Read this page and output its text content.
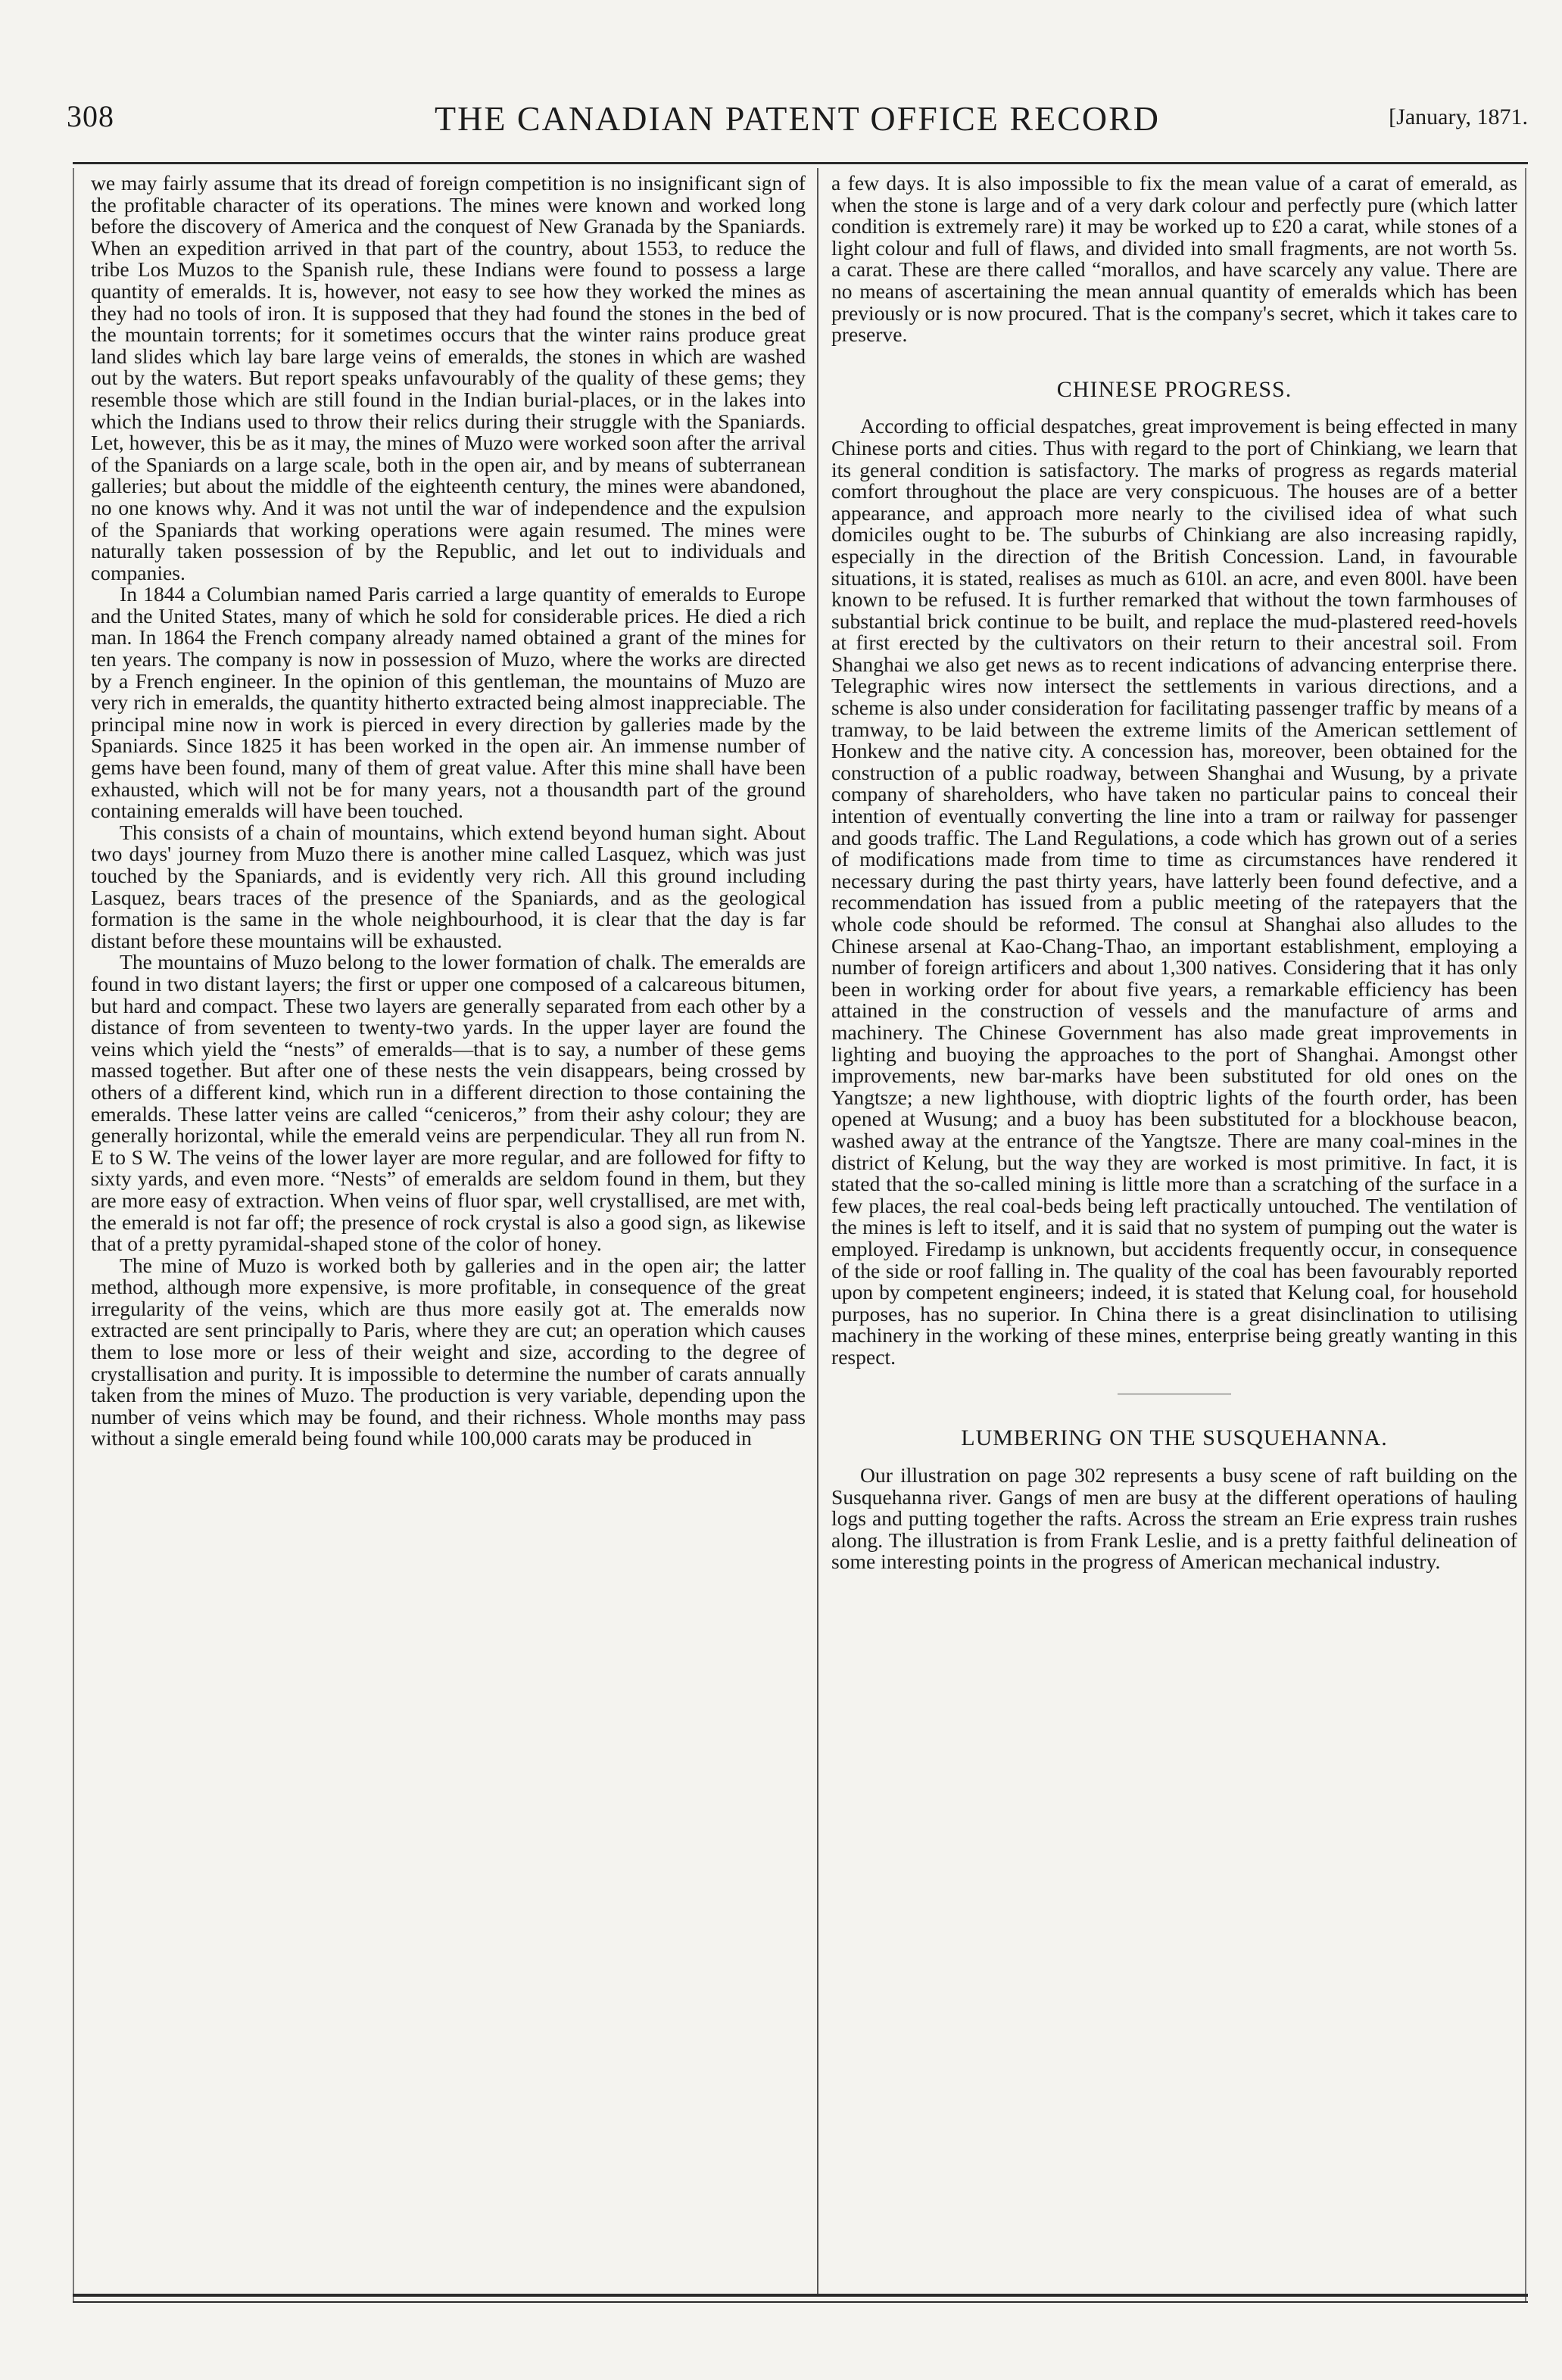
308	THE CANADIAN PATENT OFFICE RECORD	[January, 1871.

we may fairly assume that its dread of foreign competition is no insignificant sign of the profitable character of its operations. The mines were known and worked long before the discovery of America and the conquest of New Granada by the Spaniards. When an expedition arrived in that part of the country, about 1553, to reduce the tribe Los Muzos to the Spanish rule, these Indians were found to possess a large quantity of emeralds. It is, however, not easy to see how they worked the mines as they had no tools of iron. It is supposed that they had found the stones in the bed of the mountain torrents; for it sometimes occurs that the winter rains produce great land slides which lay bare large veins of emeralds, the stones in which are washed out by the waters. But report speaks unfavourably of the quality of these gems; they resemble those which are still found in the Indian burial-places, or in the lakes into which the Indians used to throw their relics during their struggle with the Spaniards. Let, however, this be as it may, the mines of Muzo were worked soon after the arrival of the Spaniards on a large scale, both in the open air, and by means of subterranean galleries; but about the middle of the eighteenth century, the mines were abandoned, no one knows why. And it was not until the war of independence and the expulsion of the Spaniards that working operations were again resumed. The mines were naturally taken possession of by the Republic, and let out to individuals and companies.

In 1844 a Columbian named Paris carried a large quantity of emeralds to Europe and the United States, many of which he sold for considerable prices. He died a rich man. In 1864 the French company already named obtained a grant of the mines for ten years. The company is now in possession of Muzo, where the works are directed by a French engineer. In the opinion of this gentleman, the mountains of Muzo are very rich in emeralds, the quantity hitherto extracted being almost inappreciable. The principal mine now in work is pierced in every direction by galleries made by the Spaniards. Since 1825 it has been worked in the open air. An immense number of gems have been found, many of them of great value. After this mine shall have been exhausted, which will not be for many years, not a thousandth part of the ground containing emeralds will have been touched.

This consists of a chain of mountains, which extend beyond human sight. About two days' journey from Muzo there is another mine called Lasquez, which was just touched by the Spaniards, and is evidently very rich. All this ground including Lasquez, bears traces of the presence of the Spaniards, and as the geological formation is the same in the whole neighbourhood, it is clear that the day is far distant before these mountains will be exhausted.

The mountains of Muzo belong to the lower formation of chalk. The emeralds are found in two distant layers; the first or upper one composed of a calcareous bitumen, but hard and compact. These two layers are generally separated from each other by a distance of from seventeen to twenty-two yards. In the upper layer are found the veins which yield the “nests” of emeralds—that is to say, a number of these gems massed together. But after one of these nests the vein disappears, being crossed by others of a different kind, which run in a different direction to those containing the emeralds. These latter veins are called “ceniceros,” from their ashy colour; they are generally horizontal, while the emerald veins are perpendicular. They all run from N. E to S W. The veins of the lower layer are more regular, and are followed for fifty to sixty yards, and even more. “Nests” of emeralds are seldom found in them, but they are more easy of extraction. When veins of fluor spar, well crystallised, are met with, the emerald is not far off; the presence of rock crystal is also a good sign, as likewise that of a pretty pyramidal-shaped stone of the color of honey.

The mine of Muzo is worked both by galleries and in the open air; the latter method, although more expensive, is more profitable, in consequence of the great irregularity of the veins, which are thus more easily got at. The emeralds now extracted are sent principally to Paris, where they are cut; an operation which causes them to lose more or less of their weight and size, according to the degree of crystallisation and purity. It is impossible to determine the number of carats annually taken from the mines of Muzo. The production is very variable, depending upon the number of veins which may be found, and their richness. Whole months may pass without a single emerald being found while 100,000 carats may be produced in

a few days. It is also impossible to fix the mean value of a carat of emerald, as when the stone is large and of a very dark colour and perfectly pure (which latter condition is extremely rare) it may be worked up to £20 a carat, while stones of a light colour and full of flaws, and divided into small fragments, are not worth 5s. a carat. These are there called “morallos, and have scarcely any value. There are no means of ascertaining the mean annual quantity of emeralds which has been previously or is now procured. That is the company's secret, which it takes care to preserve.

CHINESE PROGRESS.

According to official despatches, great improvement is being effected in many Chinese ports and cities. Thus with regard to the port of Chinkiang, we learn that its general condition is satisfactory. The marks of progress as regards material comfort throughout the place are very conspicuous. The houses are of a better appearance, and approach more nearly to the civilised idea of what such domiciles ought to be. The suburbs of Chinkiang are also increasing rapidly, especially in the direction of the British Concession. Land, in favourable situations, it is stated, realises as much as 610l. an acre, and even 800l. have been known to be refused. It is further remarked that without the town farmhouses of substantial brick continue to be built, and replace the mud-plastered reed-hovels at first erected by the cultivators on their return to their ancestral soil. From Shanghai we also get news as to recent indications of advancing enterprise there. Telegraphic wires now intersect the settlements in various directions, and a scheme is also under consideration for facilitating passenger traffic by means of a tramway, to be laid between the extreme limits of the American settlement of Honkew and the native city. A concession has, moreover, been obtained for the construction of a public roadway, between Shanghai and Wusung, by a private company of shareholders, who have taken no particular pains to conceal their intention of eventually converting the line into a tram or railway for passenger and goods traffic. The Land Regulations, a code which has grown out of a series of modifications made from time to time as circumstances have rendered it necessary during the past thirty years, have latterly been found defective, and a recommendation has issued from a public meeting of the ratepayers that the whole code should be reformed. The consul at Shanghai also alludes to the Chinese arsenal at Kao-Chang-Thao, an important establishment, employing a number of foreign artificers and about 1,300 natives. Considering that it has only been in working order for about five years, a remarkable efficiency has been attained in the construction of vessels and the manufacture of arms and machinery. The Chinese Government has also made great improvements in lighting and buoying the approaches to the port of Shanghai. Amongst other improvements, new bar-marks have been substituted for old ones on the Yangtsze; a new lighthouse, with dioptric lights of the fourth order, has been opened at Wusung; and a buoy has been substituted for a blockhouse beacon, washed away at the entrance of the Yangtsze. There are many coal-mines in the district of Kelung, but the way they are worked is most primitive. In fact, it is stated that the so-called mining is little more than a scratching of the surface in a few places, the real coal-beds being left practically untouched. The ventilation of the mines is left to itself, and it is said that no system of pumping out the water is employed. Firedamp is unknown, but accidents frequently occur, in consequence of the side or roof falling in. The quality of the coal has been favourably reported upon by competent engineers; indeed, it is stated that Kelung coal, for household purposes, has no superior. In China there is a great disinclination to utilising machinery in the working of these mines, enterprise being greatly wanting in this respect.

LUMBERING ON THE SUSQUEHANNA.

Our illustration on page 302 represents a busy scene of raft building on the Susquehanna river. Gangs of men are busy at the different operations of hauling logs and putting together the rafts. Across the stream an Erie express train rushes along. The illustration is from Frank Leslie, and is a pretty faithful delineation of some interesting points in the progress of American mechanical industry.
